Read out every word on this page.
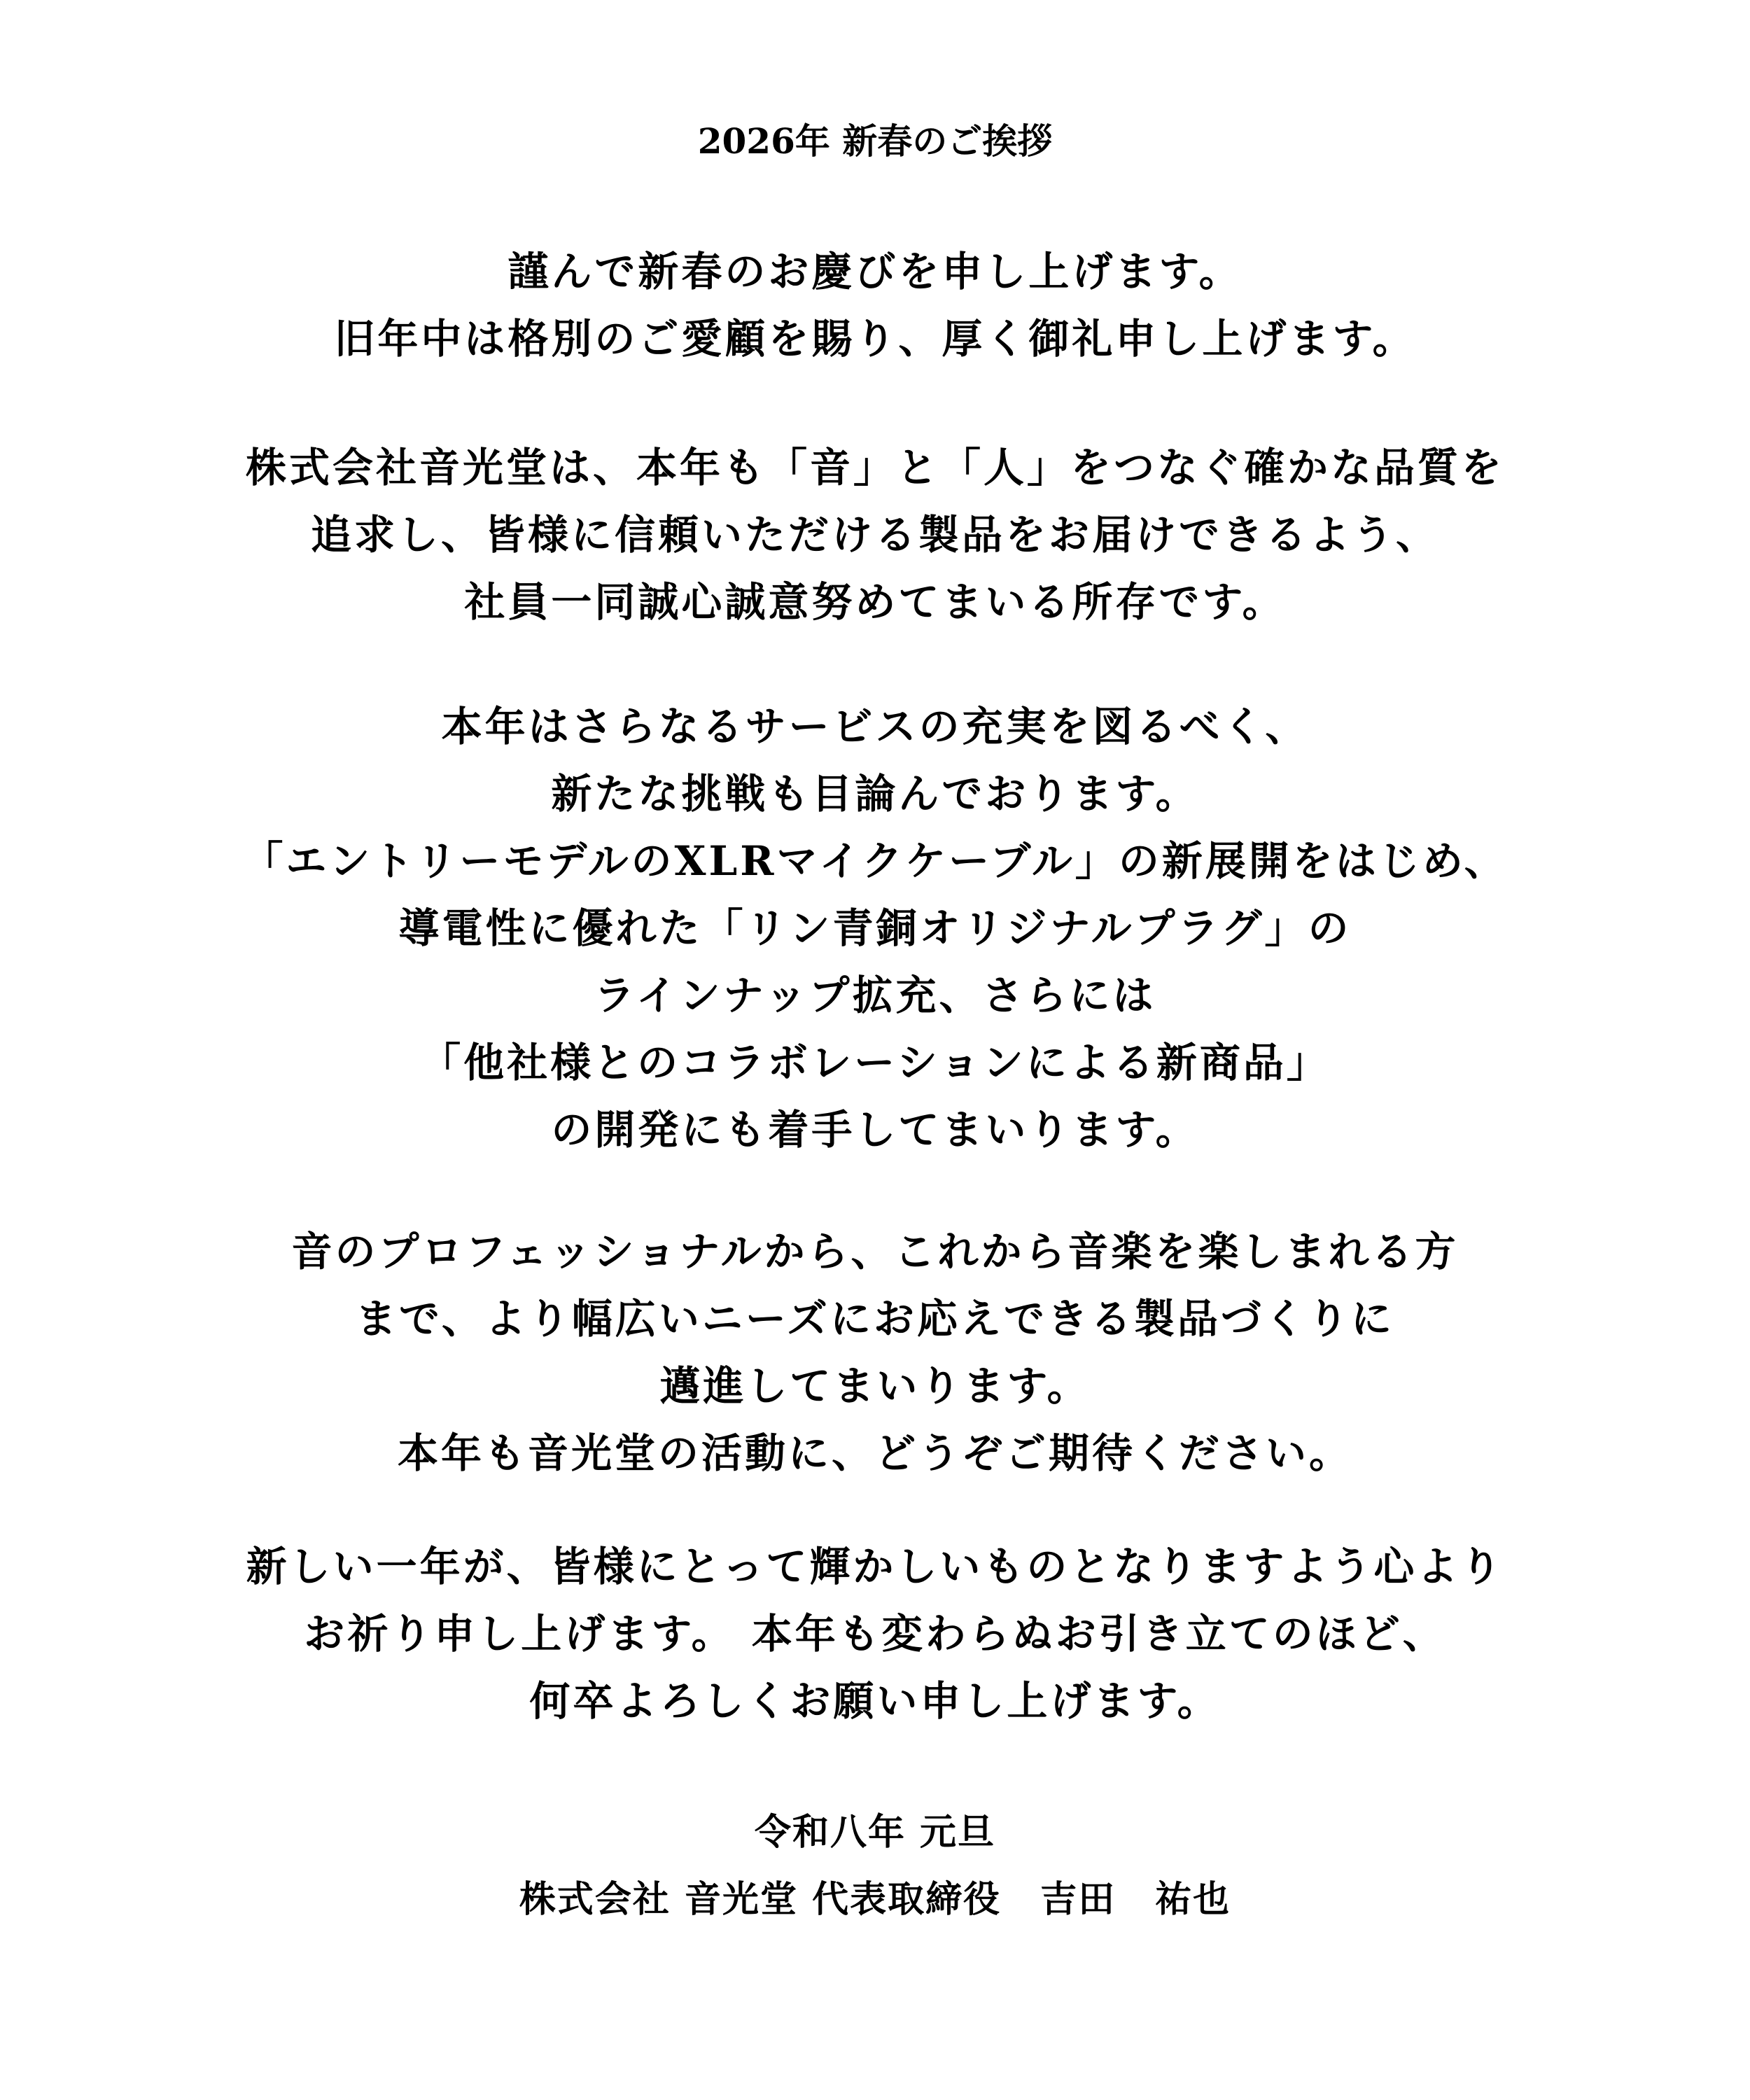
2026年 新春のご挨拶

謹んで新春のお慶びを申し上げます。
旧年中は格別のご愛顧を賜り、厚く御礼申し上げます。

株式会社音光堂は、本年も「音」と「人」をつなぐ確かな品質を
追求し、皆様に信頼いただける製品をお届けできるよう、
社員一同誠心誠意努めてまいる所存です。

本年はさらなるサービスの充実を図るべく、
新たな挑戦も目論んでおります。
「エントリーモデルのXLRマイクケーブル」の新展開をはじめ、
導電性に優れた「リン青銅オリジナルプラグ」の
ラインナップ拡充、さらには
「他社様とのコラボレーションによる新商品」
の開発にも着手してまいります。

音のプロフェッショナルから、これから音楽を楽しまれる方
まで、より幅広いニーズにお応えできる製品づくりに
邁進してまいります。
本年も音光堂の活動に、どうぞご期待ください。

新しい一年が、皆様にとって輝かしいものとなりますよう心より
お祈り申し上げます。 本年も変わらぬお引き立てのほど、
何卒よろしくお願い申し上げます。

令和八年 元旦
株式会社 音光堂 代表取締役 吉田 祐也
